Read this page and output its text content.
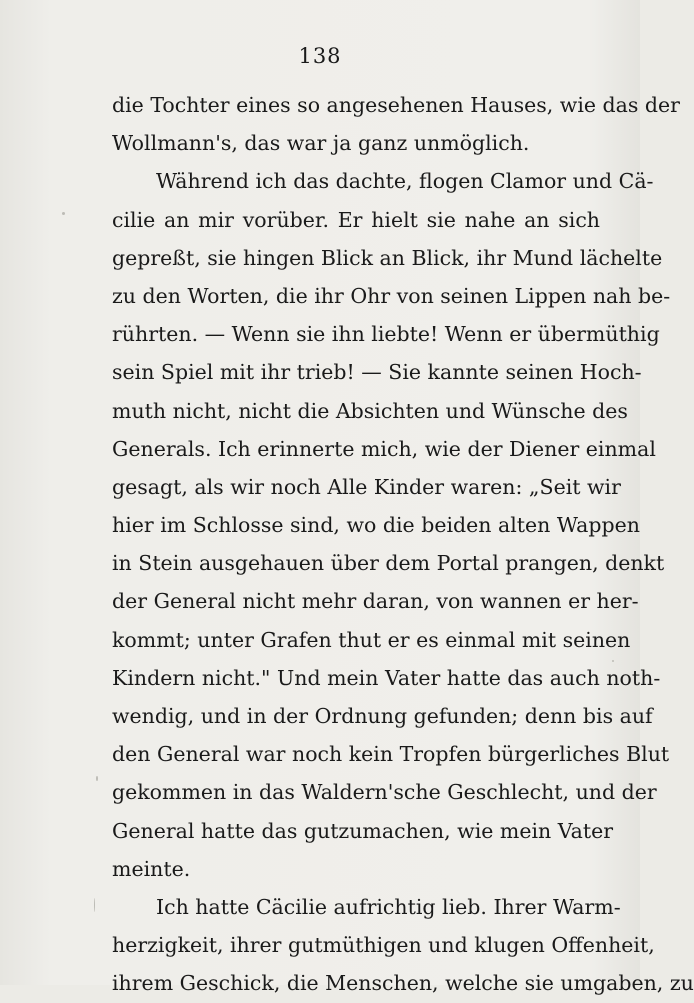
138
die Tochter eines so angesehenen Hauses, wie das der
Wollmann's, das war ja ganz unmöglich.
Während ich das dachte, flogen Clamor und Cä-
cilie an mir vorüber. Er hielt sie nahe an sich
gepreßt, sie hingen Blick an Blick, ihr Mund lächelte
zu den Worten, die ihr Ohr von seinen Lippen nah be-
rührten. — Wenn sie ihn liebte! Wenn er übermüthig
sein Spiel mit ihr trieb! — Sie kannte seinen Hoch-
muth nicht, nicht die Absichten und Wünsche des
Generals. Ich erinnerte mich, wie der Diener einmal
gesagt, als wir noch Alle Kinder waren: „Seit wir
hier im Schlosse sind, wo die beiden alten Wappen
in Stein ausgehauen über dem Portal prangen, denkt
der General nicht mehr daran, von wannen er her-
kommt; unter Grafen thut er es einmal mit seinen
Kindern nicht." Und mein Vater hatte das auch noth-
wendig, und in der Ordnung gefunden; denn bis auf
den General war noch kein Tropfen bürgerliches Blut
gekommen in das Waldern'sche Geschlecht, und der
General hatte das gutzumachen, wie mein Vater
meinte.
Ich hatte Cäcilie aufrichtig lieb. Ihrer Warm-
herzigkeit, ihrer gutmüthigen und klugen Offenheit,
ihrem Geschick, die Menschen, welche sie umgaben, zu
